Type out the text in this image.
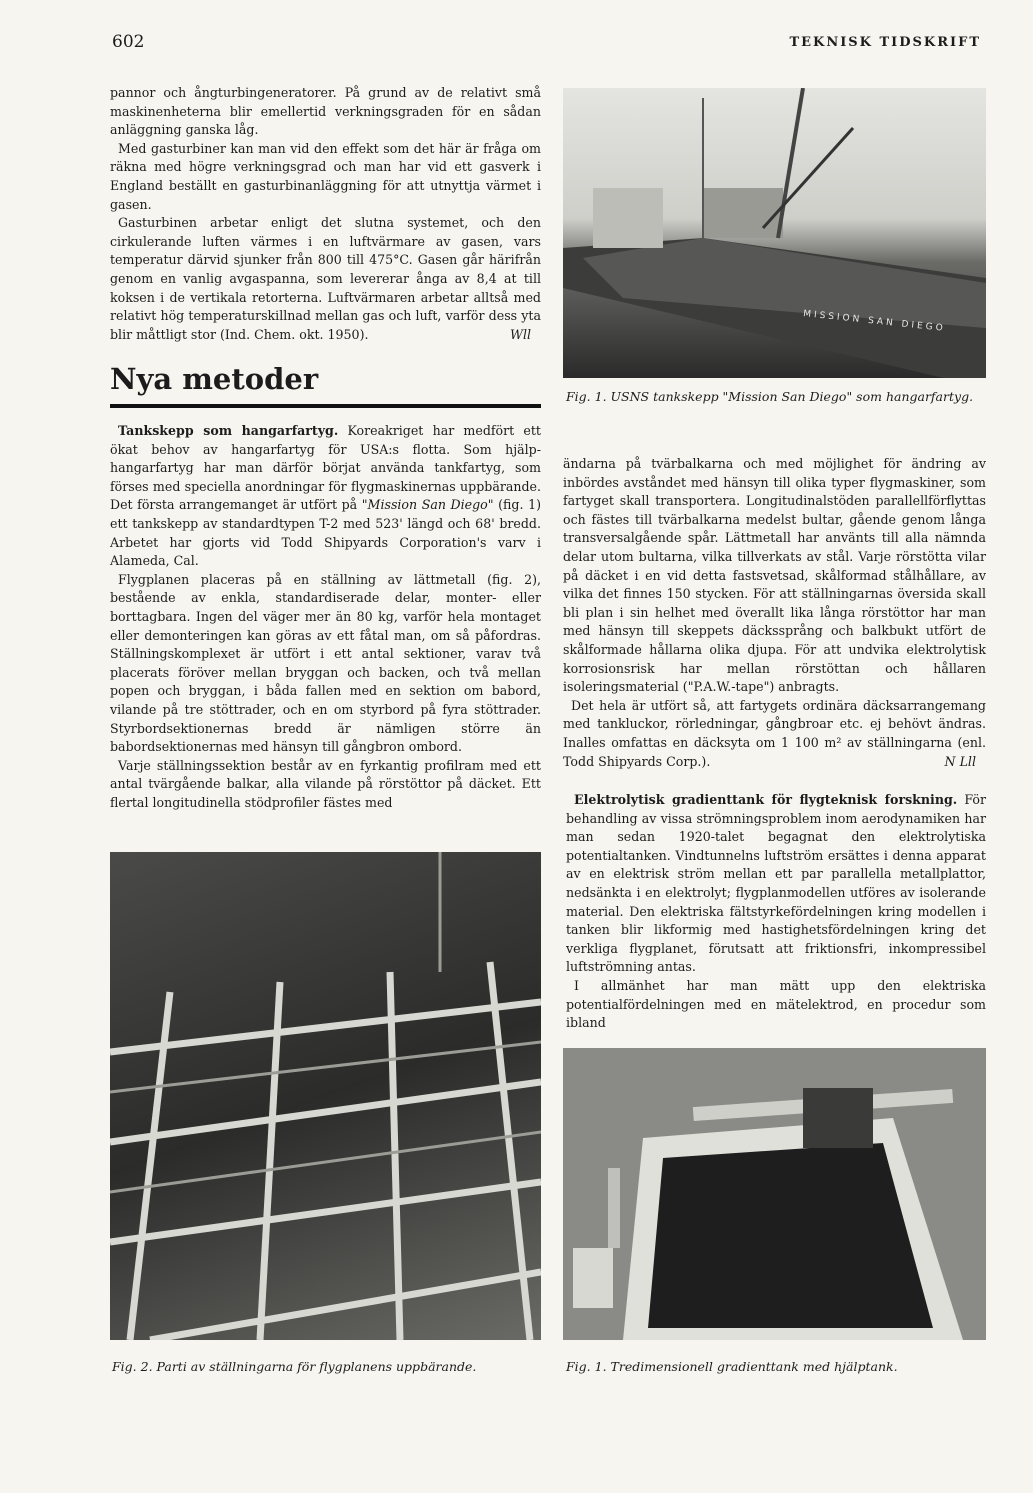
602	TEKNISK TIDSKRIFT

pannor och ångturbingeneratorer. På grund av de relativt små maskinenheterna blir emellertid verkningsgraden för en sådan anläggning ganska låg.

Med gasturbiner kan man vid den effekt som det här är fråga om räkna med högre verkningsgrad och man har vid ett gasverk i England beställt en gasturbinanläggning för att utnyttja värmet i gasen.

Gasturbinen arbetar enligt det slutna systemet, och den cirkulerande luften värmes i en luftvärmare av gasen, vars temperatur därvid sjunker från 800 till 475°C. Gasen går härifrån genom en vanlig avgaspanna, som levererar ånga av 8,4 at till koksen i de vertikala retorterna. Luftvärmaren arbetar alltså med relativt hög temperaturskillnad mellan gas och luft, varför dess yta blir måttligt stor (Ind. Chem. okt. 1950).	Wll

Nya metoder

Tankskepp som hangarfartyg. Koreakriget har medfört ett ökat behov av hangarfartyg för USA:s flotta. Som hjälp-hangarfartyg har man därför börjat använda tankfartyg, som förses med speciella anordningar för flygmaskinernas uppbärande. Det första arrangemanget är utfört på "Mission San Diego" (fig. 1) ett tankskepp av standardtypen T-2 med 523' längd och 68' bredd. Arbetet har gjorts vid Todd Shipyards Corporation's varv i Alameda, Cal.

Flygplanen placeras på en ställning av lättmetall (fig. 2), bestående av enkla, standardiserade delar, monter- eller borttagbara. Ingen del väger mer än 80 kg, varför hela montaget eller demonteringen kan göras av ett fåtal man, om så påfordras. Ställningskomplexet är utfört i ett antal sektioner, varav två placerats föröver mellan bryggan och backen, och två mellan popen och bryggan, i båda fallen med en sektion om babord, vilande på tre stöttrader, och en om styrbord på fyra stöttrader. Styrbordsektionernas bredd är nämligen större än babordsektionernas med hänsyn till gångbron ombord.

Varje ställningssektion består av en fyrkantig profilram med ett antal tvärgående balkar, alla vilande på rörstöttor på däcket. Ett flertal longitudinella stödprofiler fästes med

MISSION SAN DIEGO
Fig. 1. USNS tankskepp "Mission San Diego" som hangarfartyg.

ändarna på tvärbalkarna och med möjlighet för ändring av inbördes avståndet med hänsyn till olika typer flygmaskiner, som fartyget skall transportera. Longitudinalstöden parallellförflyttas och fästes till tvärbalkarna medelst bultar, gående genom långa transversalgående spår. Lättmetall har använts till alla nämnda delar utom bultarna, vilka tillverkats av stål. Varje rörstötta vilar på däcket i en vid detta fastsvetsad, skålformad stålhållare, av vilka det finnes 150 stycken. För att ställningarnas översida skall bli plan i sin helhet med överallt lika långa rörstöttor har man med hänsyn till skeppets däckssprång och balkbukt utfört de skålformade hållarna olika djupa. För att undvika elektrolytisk korrosionsrisk har mellan rörstöttan och hållaren isoleringsmaterial ("P.A.W.-tape") anbragts.

Det hela är utfört så, att fartygets ordinära däcksarrangemang med tankluckor, rörledningar, gångbroar etc. ej behövt ändras. Inalles omfattas en däcksyta om 1 100 m² av ställningarna (enl. Todd Shipyards Corp.).	N Lll

Elektrolytisk gradienttank för flygteknisk forskning. För behandling av vissa strömningsproblem inom aerodynamiken har man sedan 1920-talet begagnat den elektrolytiska potentialtanken. Vindtunnelns luftström ersättes i denna apparat av en elektrisk ström mellan ett par parallella metallplattor, nedsänkta i en elektrolyt; flygplanmodellen utföres av isolerande material. Den elektriska fältstyrkefördelningen kring modellen i tanken blir likformig med hastighetsfördelningen kring det verkliga flygplanet, förutsatt att friktionsfri, inkompressibel luftströmning antas.

I allmänhet har man mätt upp den elektriska potentialfördelningen med en mätelektrod, en procedur som ibland

Fig. 2. Parti av ställningarna för flygplanens uppbärande.	Fig. 1. Tredimensionell gradienttank med hjälptank.
